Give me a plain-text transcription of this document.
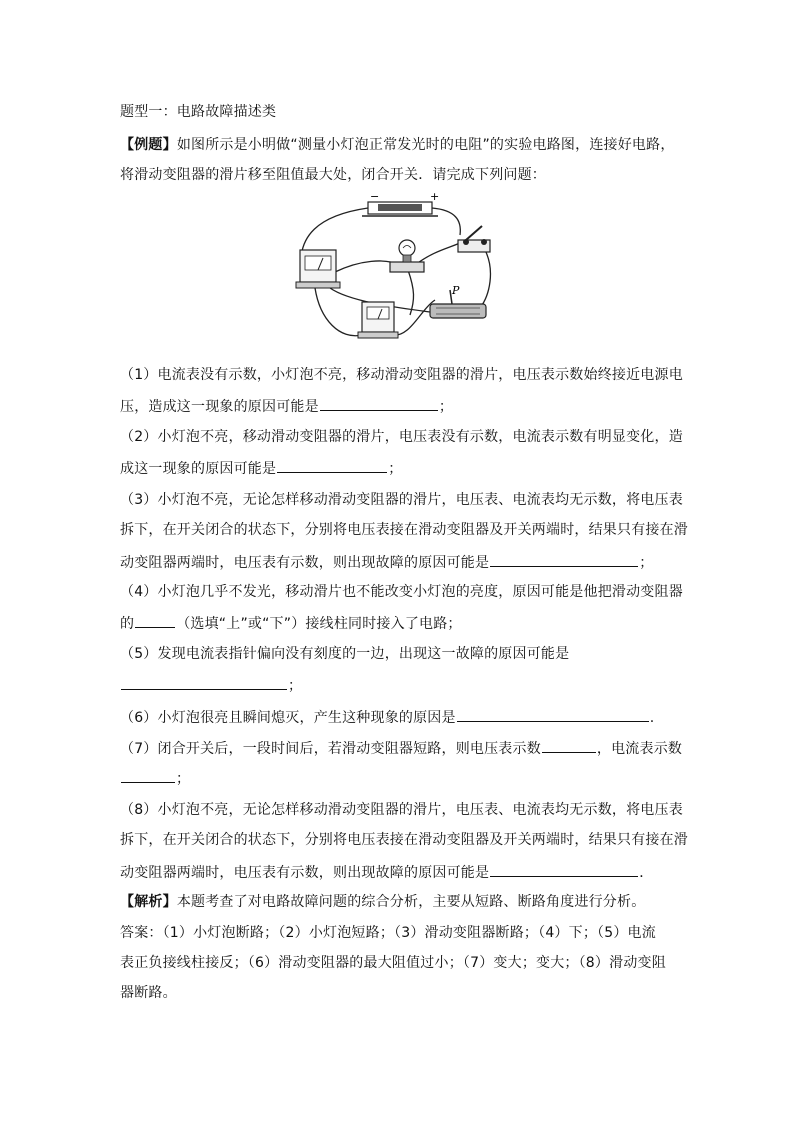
题型一：电路故障描述类
【例题】如图所示是小明做“测量小灯泡正常发光时的电阻”的实验电路图，连接好电路，
将滑动变阻器的滑片移至阻值最大处，闭合开关．请完成下列问题：
−	+
P
（1）电流表没有示数，小灯泡不亮，移动滑动变阻器的滑片，电压表示数始终接近电源电
压，造成这一现象的原因可能是	；
（2）小灯泡不亮，移动滑动变阻器的滑片，电压表没有示数，电流表示数有明显变化，造
成这一现象的原因可能是	；
（3）小灯泡不亮，无论怎样移动滑动变阻器的滑片，电压表、电流表均无示数，将电压表
拆下，在开关闭合的状态下，分别将电压表接在滑动变阻器及开关两端时，结果只有接在滑
动变阻器两端时，电压表有示数，则出现故障的原因可能是	；
（4）小灯泡几乎不发光，移动滑片也不能改变小灯泡的亮度，原因可能是他把滑动变阻器
的	（选填“上”或“下”）接线柱同时接入了电路；
（5）发现电流表指针偏向没有刻度的一边，出现这一故障的原因可能是
；
（6）小灯泡很亮且瞬间熄灭，产生这种现象的原因是	.
（7）闭合开关后，一段时间后，若滑动变阻器短路，则电压表示数	，电流表示数
；
（8）小灯泡不亮，无论怎样移动滑动变阻器的滑片，电压表、电流表均无示数，将电压表
拆下，在开关闭合的状态下，分别将电压表接在滑动变阻器及开关两端时，结果只有接在滑
动变阻器两端时，电压表有示数，则出现故障的原因可能是	．
【解析】本题考查了对电路故障问题的综合分析，主要从短路、断路角度进行分析。
答案：（1）小灯泡断路；（2）小灯泡短路；（3）滑动变阻器断路；（4）下；（5）电流
表正负接线柱接反；（6）滑动变阻器的最大阻值过小；（7）变大；变大；（8）滑动变阻
器断路。
